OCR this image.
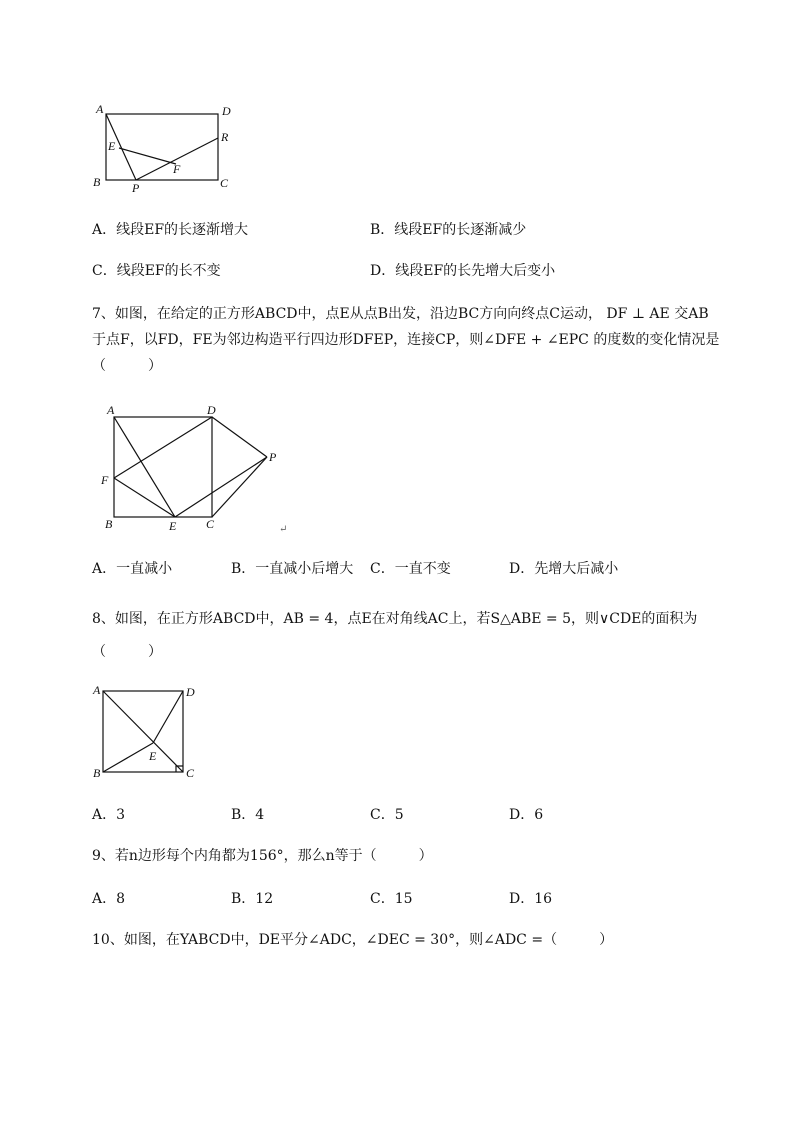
A	D
R
E
F
B	P	C
A．线段EF的长逐渐增大	B．线段EF的长逐渐减少
C．线段EF的长不变	D．线段EF的长先增大后变小
7、如图，在给定的正方形ABCD中，点E从点B出发，沿边BC方向向终点C运动， DF ⊥ AE 交AB
于点F，以FD，FE为邻边构造平行四边形DFEP，连接CP，则∠DFE + ∠EPC 的度数的变化情况是
（　　　）
A	D
P
F
B	E C	↵
A．一直减小	B．一直减小后增大 C．一直不变	D．先增大后减小
8、如图，在正方形ABCD中，AB = 4，点E在对角线AC上，若S△ABE = 5，则∨CDE的面积为
（　　　）
A	D
E
B	C
A．3	B．4	C．5	D．6
9、若n边形每个内角都为156°，那么n等于（　　　）
A．8	B．12	C．15	D．16
10、如图，在YABCD中，DE平分∠ADC，∠DEC = 30°，则∠ADC =（　　　）
